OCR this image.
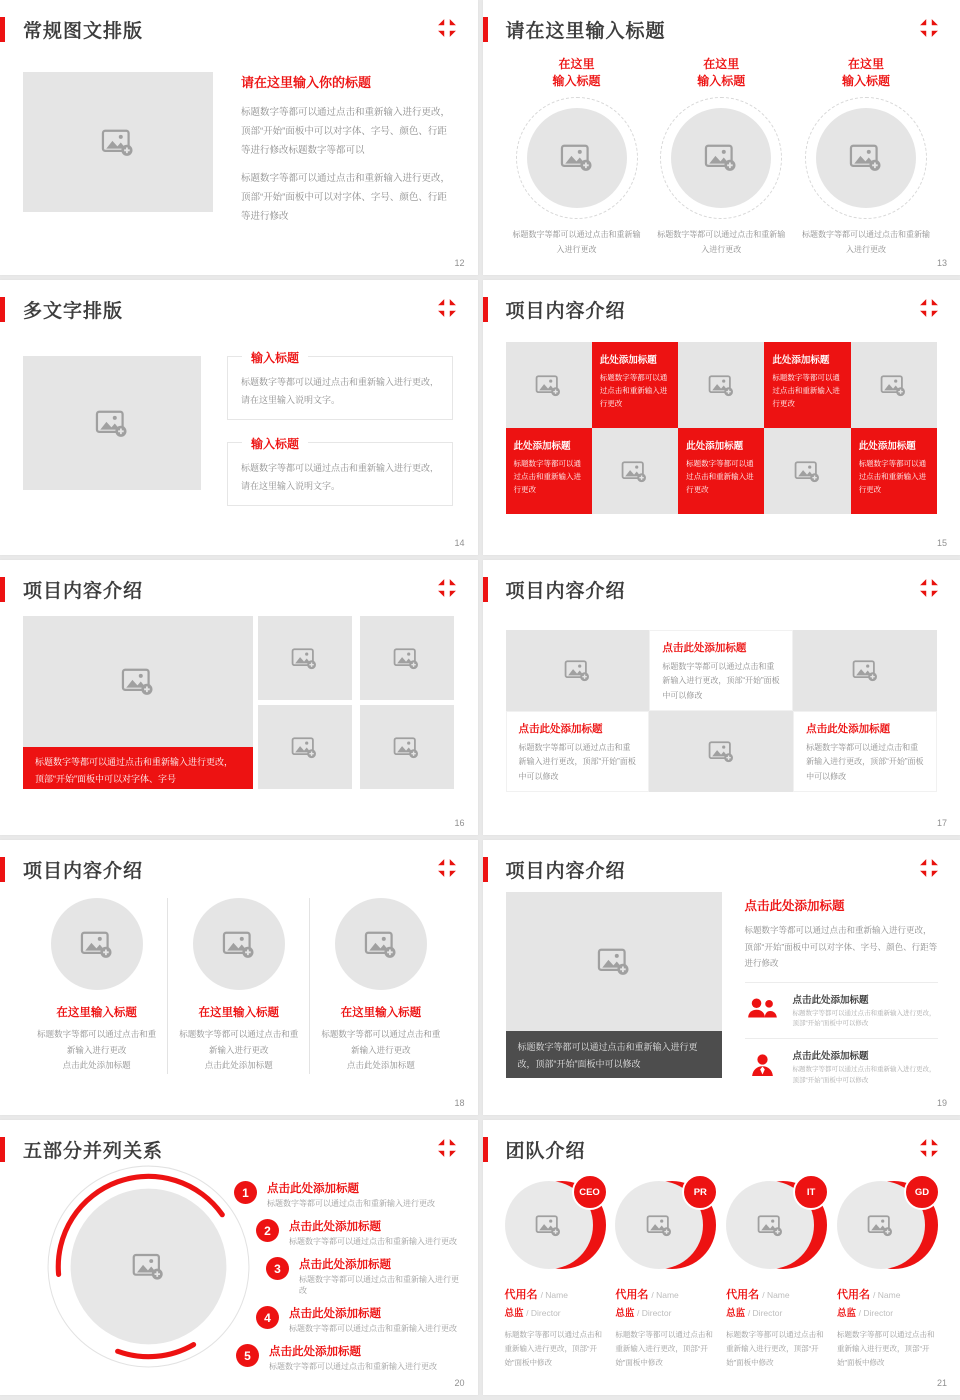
常规图文排版
请在这里输入你的标题

标题数字等都可以通过点击和重新输入进行更改，顶部“开始”面板中可以对字体、字号、颜色、行距等进行修改标题数字等都可以

标题数字等都可以通过点击和重新输入进行更改，顶部“开始”面板中可以对字体、字号、颜色、行距等进行修改

12
请在这里输入标题
在这里
输入标题

标题数字等都可以通过点击和重新输入进行更改

在这里
输入标题

标题数字等都可以通过点击和重新输入进行更改

在这里
输入标题

标题数字等都可以通过点击和重新输入进行更改

13
多文字排版
输入标题

标题数字等都可以通过点击和重新输入进行更改,请在这里输入说明文字。

输入标题

标题数字等都可以通过点击和重新输入进行更改,请在这里输入说明文字。

14
项目内容介绍
此处添加标题

标题数字等都可以通过点击和重新输入进行更改

此处添加标题

标题数字等都可以通过点击和重新输入进行更改

此处添加标题

标题数字等都可以通过点击和重新输入进行更改

此处添加标题

标题数字等都可以通过点击和重新输入进行更改

此处添加标题

标题数字等都可以通过点击和重新输入进行更改

15
项目内容介绍
标题数字等都可以通过点击和重新输入进行更改，顶部“开始”面板中可以对字体、字号
16
项目内容介绍
点击此处添加标题

标题数字等都可以通过点击和重新输入进行更改，顶部“开始”面板中可以修改

点击此处添加标题

标题数字等都可以通过点击和重新输入进行更改，顶部“开始”面板中可以修改

点击此处添加标题

标题数字等都可以通过点击和重新输入进行更改，顶部“开始”面板中可以修改

17
项目内容介绍
在这里输入标题

标题数字等都可以通过点击和重新输入进行更改
点击此处添加标题

在这里输入标题

标题数字等都可以通过点击和重新输入进行更改
点击此处添加标题

在这里输入标题

标题数字等都可以通过点击和重新输入进行更改
点击此处添加标题

18
项目内容介绍
标题数字等都可以通过点击和重新输入进行更改，顶部“开始”面板中可以修改
点击此处添加标题

标题数字等都可以通过点击和重新输入进行更改，顶部“开始”面板中可以对字体、字号、颜色、行距等进行修改

点击此处添加标题

标题数字等都可以通过点击和重新输入进行更改，顶部“开始”面板中可以修改

点击此处添加标题

标题数字等都可以通过点击和重新输入进行更改，顶部“开始”面板中可以修改

19
五部分并列关系
1	点击此处添加标题

标题数字等都可以通过点击和重新输入进行更改

2	点击此处添加标题

标题数字等都可以通过点击和重新输入进行更改

3	点击此处添加标题

标题数字等都可以通过点击和重新输入进行更改

4	点击此处添加标题

标题数字等都可以通过点击和重新输入进行更改

5	点击此处添加标题

标题数字等都可以通过点击和重新输入进行更改

20
团队介绍
CEO
代用名 / Name
总监 / Director

标题数字等都可以通过点击和重新输入进行更改，顶部“开始”面板中修改

PR
代用名 / Name
总监 / Director

标题数字等都可以通过点击和重新输入进行更改，顶部“开始”面板中修改

IT
代用名 / Name
总监 / Director

标题数字等都可以通过点击和重新输入进行更改，顶部“开始”面板中修改

GD
代用名 / Name
总监 / Director

标题数字等都可以通过点击和重新输入进行更改，顶部“开始”面板中修改

21
